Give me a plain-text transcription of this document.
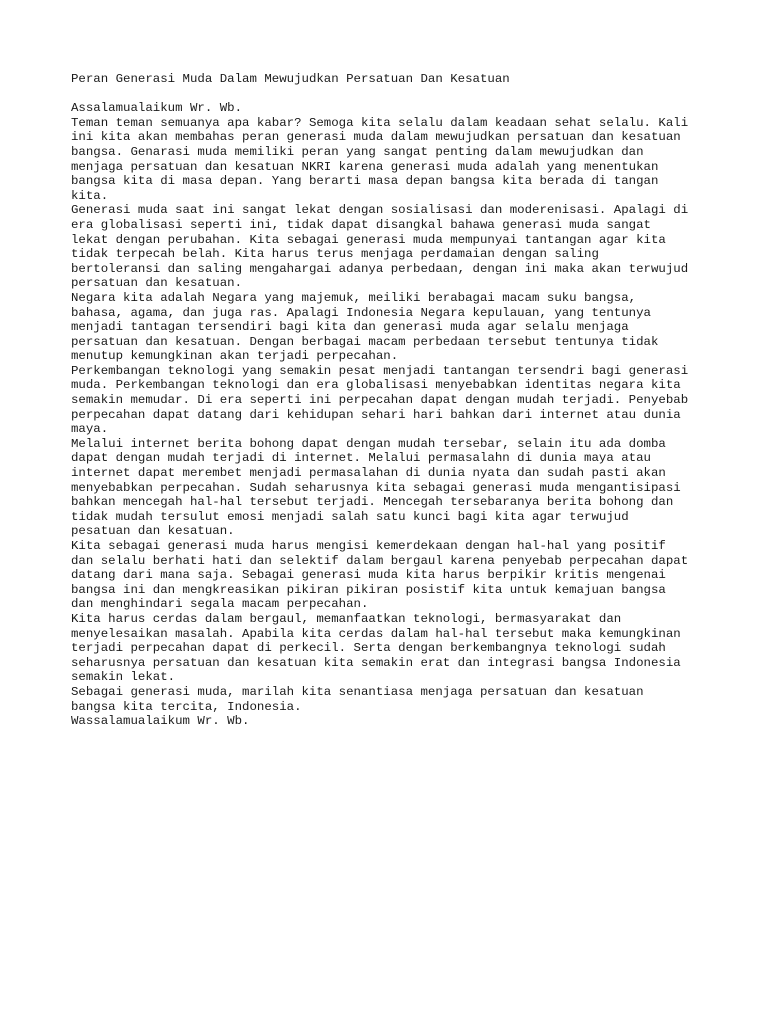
Peran Generasi Muda Dalam Mewujudkan Persatuan Dan Kesatuan
Assalamualaikum Wr. Wb.
Teman teman semuanya apa kabar? Semoga kita selalu dalam keadaan sehat selalu. Kali
ini kita akan membahas peran generasi muda dalam mewujudkan persatuan dan kesatuan
bangsa. Genarasi muda memiliki peran yang sangat penting dalam mewujudkan dan
menjaga persatuan dan kesatuan NKRI karena generasi muda adalah yang menentukan
bangsa kita di masa depan. Yang berarti masa depan bangsa kita berada di tangan
kita.
Generasi muda saat ini sangat lekat dengan sosialisasi dan moderenisasi. Apalagi di
era globalisasi seperti ini, tidak dapat disangkal bahawa generasi muda sangat
lekat dengan perubahan. Kita sebagai generasi muda mempunyai tantangan agar kita
tidak terpecah belah. Kita harus terus menjaga perdamaian dengan saling
bertoleransi dan saling mengahargai adanya perbedaan, dengan ini maka akan terwujud
persatuan dan kesatuan.
Negara kita adalah Negara yang majemuk, meiliki berabagai macam suku bangsa,
bahasa, agama, dan juga ras. Apalagi Indonesia Negara kepulauan, yang tentunya
menjadi tantagan tersendiri bagi kita dan generasi muda agar selalu menjaga
persatuan dan kesatuan. Dengan berbagai macam perbedaan tersebut tentunya tidak
menutup kemungkinan akan terjadi perpecahan.
Perkembangan teknologi yang semakin pesat menjadi tantangan tersendri bagi generasi
muda. Perkembangan teknologi dan era globalisasi menyebabkan identitas negara kita
semakin memudar. Di era seperti ini perpecahan dapat dengan mudah terjadi. Penyebab
perpecahan dapat datang dari kehidupan sehari hari bahkan dari internet atau dunia
maya.
Melalui internet berita bohong dapat dengan mudah tersebar, selain itu ada domba
dapat dengan mudah terjadi di internet. Melalui permasalahn di dunia maya atau
internet dapat merembet menjadi permasalahan di dunia nyata dan sudah pasti akan
menyebabkan perpecahan. Sudah seharusnya kita sebagai generasi muda mengantisipasi
bahkan mencegah hal-hal tersebut terjadi. Mencegah tersebaranya berita bohong dan
tidak mudah tersulut emosi menjadi salah satu kunci bagi kita agar terwujud
pesatuan dan kesatuan.
Kita sebagai generasi muda harus mengisi kemerdekaan dengan hal-hal yang positif
dan selalu berhati hati dan selektif dalam bergaul karena penyebab perpecahan dapat
datang dari mana saja. Sebagai generasi muda kita harus berpikir kritis mengenai
bangsa ini dan mengkreasikan pikiran pikiran posistif kita untuk kemajuan bangsa
dan menghindari segala macam perpecahan.
Kita harus cerdas dalam bergaul, memanfaatkan teknologi, bermasyarakat dan
menyelesaikan masalah. Apabila kita cerdas dalam hal-hal tersebut maka kemungkinan
terjadi perpecahan dapat di perkecil. Serta dengan berkembangnya teknologi sudah
seharusnya persatuan dan kesatuan kita semakin erat dan integrasi bangsa Indonesia
semakin lekat.
Sebagai generasi muda, marilah kita senantiasa menjaga persatuan dan kesatuan
bangsa kita tercita, Indonesia.
Wassalamualaikum Wr. Wb.
